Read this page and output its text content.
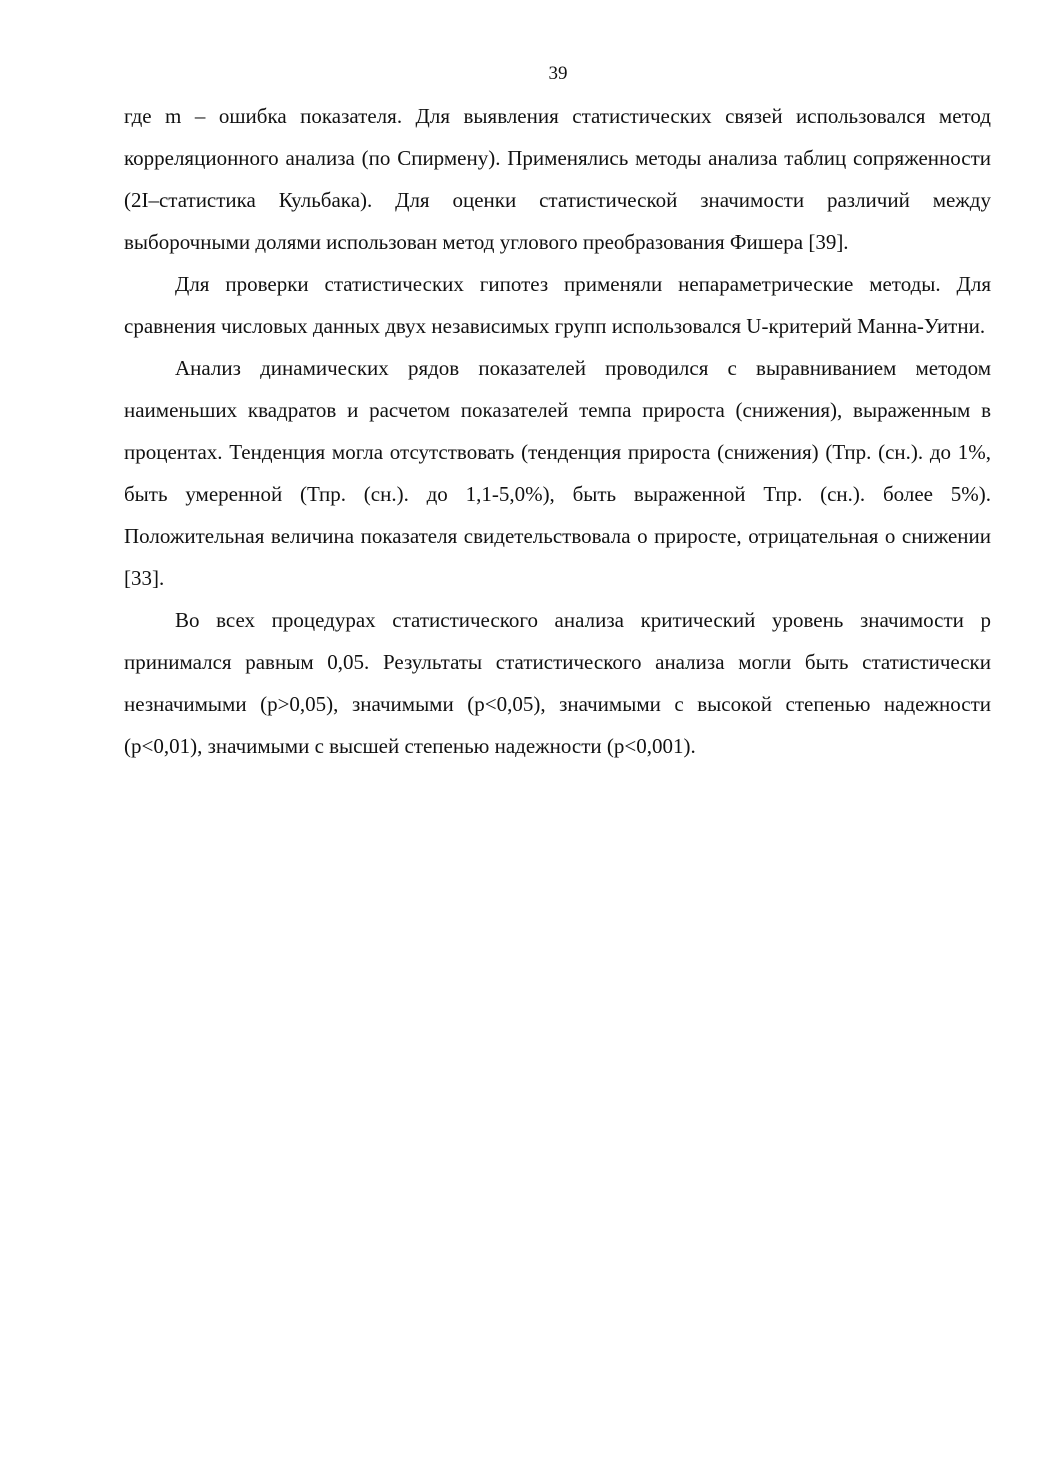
39

где m – ошибка показателя. Для выявления статистических связей использовался метод корреляционного анализа (по Спирмену). Применялись методы анализа таблиц сопряженности (2I–статистика Кульбака). Для оценки статистической значимости различий между выборочными долями использован метод углового преобразования Фишера [39].

Для проверки статистических гипотез применяли непараметрические методы. Для сравнения числовых данных двух независимых групп использовался U-критерий Манна-Уитни.

Анализ динамических рядов показателей проводился с выравниванием методом наименьших квадратов и расчетом показателей темпа прироста (снижения), выраженным в процентах. Тенденция могла отсутствовать (тенденция прироста (снижения) (Тпр. (сн.). до 1%, быть умеренной (Тпр. (сн.). до 1,1-5,0%), быть выраженной Тпр. (сн.). более 5%). Положительная величина показателя свидетельствовала о приросте, отрицательная о снижении [33].

Во всех процедурах статистического анализа критический уровень значимости p принимался равным 0,05. Результаты статистического анализа могли быть статистически незначимыми (p>0,05), значимыми (p<0,05), значимыми с высокой степенью надежности (p<0,01), значимыми с высшей степенью надежности (p<0,001).
